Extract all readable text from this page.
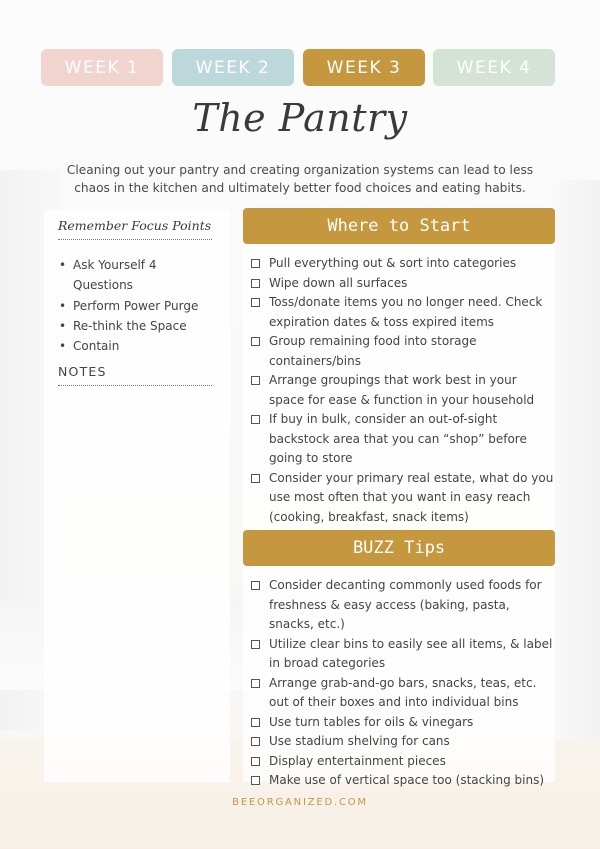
WEEK 1	WEEK 2	WEEK 3	WEEK 4
The Pantry
Cleaning out your pantry and creating organization systems can lead to less chaos in the kitchen and ultimately better food choices and eating habits.
Remember Focus Points
• Ask Yourself 4 Questions
• Perform Power Purge
• Re-think the Space
• Contain
NOTES
Where to Start
Pull everything out & sort into categories
Wipe down all surfaces
Toss/donate items you no longer need. Check expiration dates & toss expired items
Group remaining food into storage containers/bins
Arrange groupings that work best in your space for ease & function in your household
If buy in bulk, consider an out-of-sight backstock area that you can “shop” before going to store
Consider your primary real estate, what do you use most often that you want in easy reach (cooking, breakfast, snack items)
BUZZ Tips
Consider decanting commonly used foods for freshness & easy access (baking, pasta, snacks, etc.)
Utilize clear bins to easily see all items, & label in broad categories
Arrange grab-and-go bars, snacks, teas, etc. out of their boxes and into individual bins
Use turn tables for oils & vinegars
Use stadium shelving for cans
Display entertainment pieces
Make use of vertical space too (stacking bins)
BEEORGANIZED.COM
